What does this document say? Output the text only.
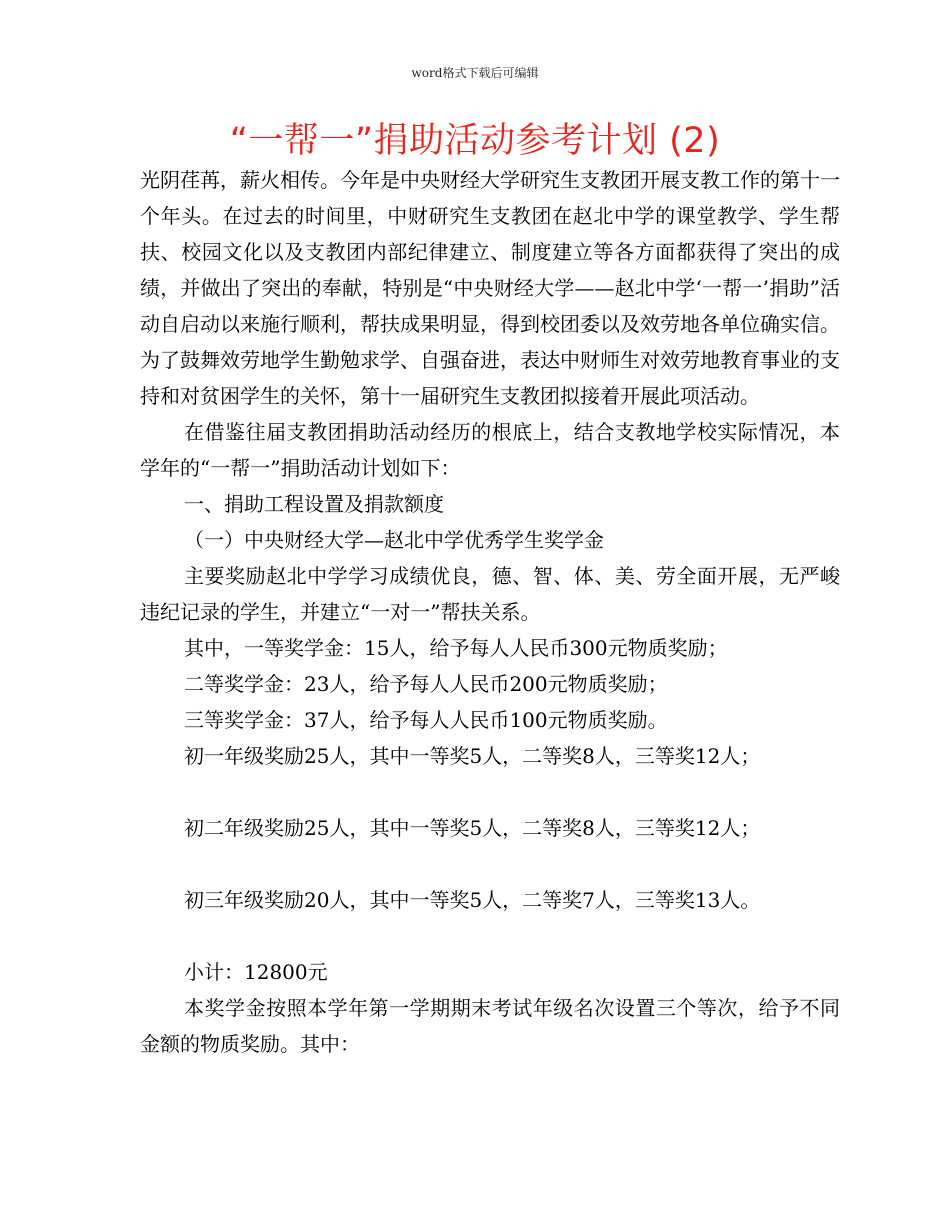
word格式下载后可编辑
“一帮一”捐助活动参考计划 (2)

光阴荏苒，薪火相传。今年是中央财经大学研究生支教团开展支教工作的第十一个年头。在过去的时间里，中财研究生支教团在赵北中学的课堂教学、学生帮扶、校园文化以及支教团内部纪律建立、制度建立等各方面都获得了突出的成绩，并做出了突出的奉献，特别是“中央财经大学——赵北中学‘一帮一’捐助”活动自启动以来施行顺利，帮扶成果明显，得到校团委以及效劳地各单位确实信。为了鼓舞效劳地学生勤勉求学、自强奋进，表达中财师生对效劳地教育事业的支持和对贫困学生的关怀，第十一届研究生支教团拟接着开展此项活动。

在借鉴往届支教团捐助活动经历的根底上，结合支教地学校实际情况，本学年的“一帮一”捐助活动计划如下：

一、捐助工程设置及捐款额度

（一）中央财经大学—赵北中学优秀学生奖学金

主要奖励赵北中学学习成绩优良，德、智、体、美、劳全面开展，无严峻违纪记录的学生，并建立“一对一”帮扶关系。

其中，一等奖学金：15人，给予每人人民币300元物质奖励；

二等奖学金：23人，给予每人人民币200元物质奖励；

三等奖学金：37人，给予每人人民币100元物质奖励。

初一年级奖励25人，其中一等奖5人，二等奖8人，三等奖12人；

初二年级奖励25人，其中一等奖5人，二等奖8人，三等奖12人；

初三年级奖励20人，其中一等奖5人，二等奖7人，三等奖13人。

小计：12800元

本奖学金按照本学年第一学期期末考试年级名次设置三个等次，给予不同金额的物质奖励。其中：
